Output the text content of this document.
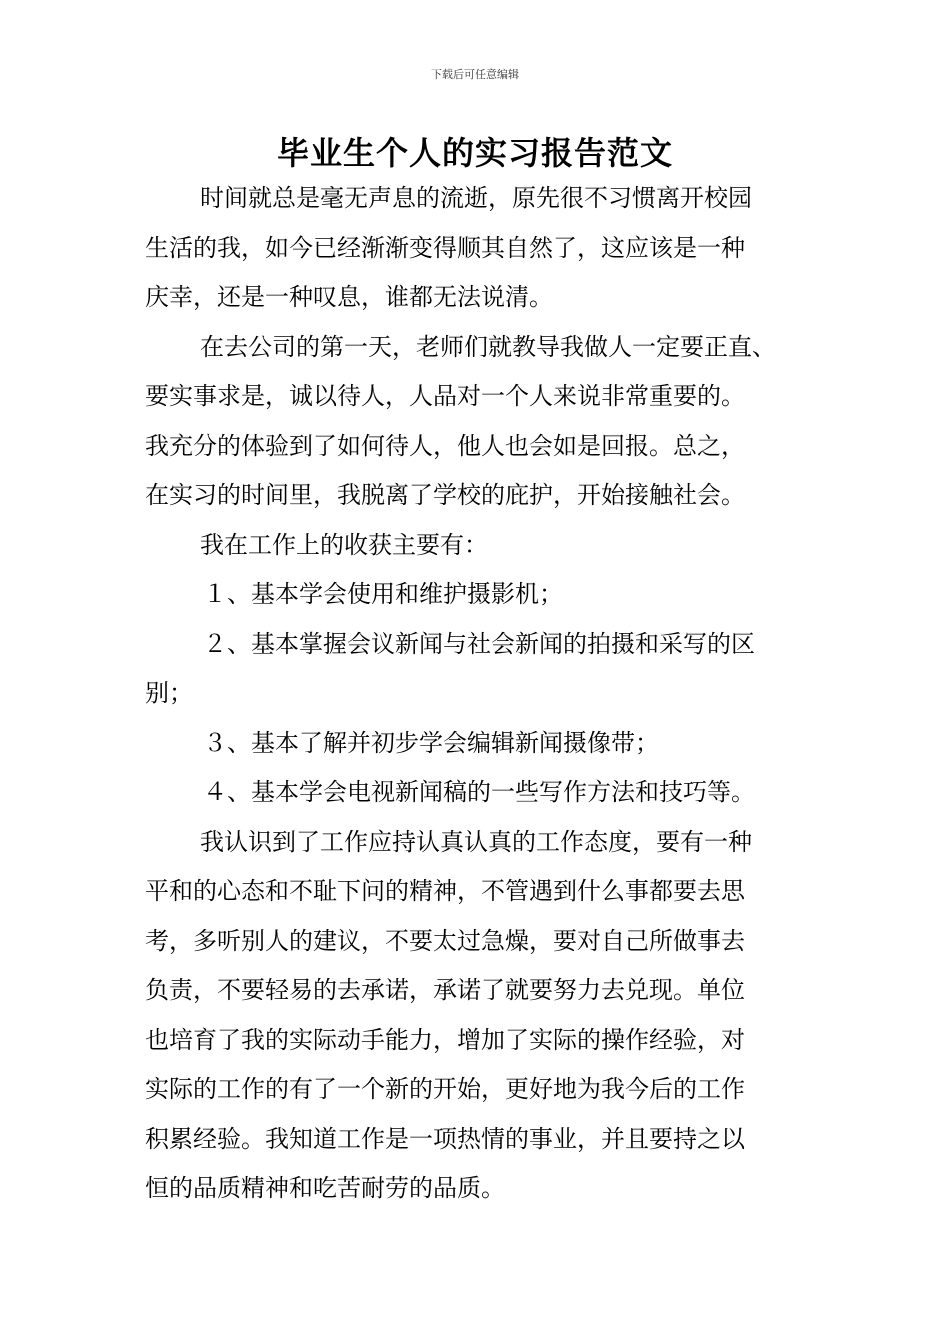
下载后可任意编辑
毕业生个人的实习报告范文
时间就总是毫无声息的流逝，原先很不习惯离开校园
生活的我，如今已经渐渐变得顺其自然了，这应该是一种
庆幸，还是一种叹息，谁都无法说清。
在去公司的第一天，老师们就教导我做人一定要正直、
要实事求是，诚以待人，人品对一个人来说非常重要的。
我充分的体验到了如何待人，他人也会如是回报。总之，
在实习的时间里，我脱离了学校的庇护，开始接触社会。
我在工作上的收获主要有：
１、基本学会使用和维护摄影机；
２、基本掌握会议新闻与社会新闻的拍摄和采写的区
别；
３、基本了解并初步学会编辑新闻摄像带；
４、基本学会电视新闻稿的一些写作方法和技巧等。
我认识到了工作应持认真认真的工作态度，要有一种
平和的心态和不耻下问的精神，不管遇到什么事都要去思
考，多听别人的建议，不要太过急燥，要对自己所做事去
负责，不要轻易的去承诺，承诺了就要努力去兑现。单位
也培育了我的实际动手能力，增加了实际的操作经验，对
实际的工作的有了一个新的开始，更好地为我今后的工作
积累经验。我知道工作是一项热情的事业，并且要持之以
恒的品质精神和吃苦耐劳的品质。
